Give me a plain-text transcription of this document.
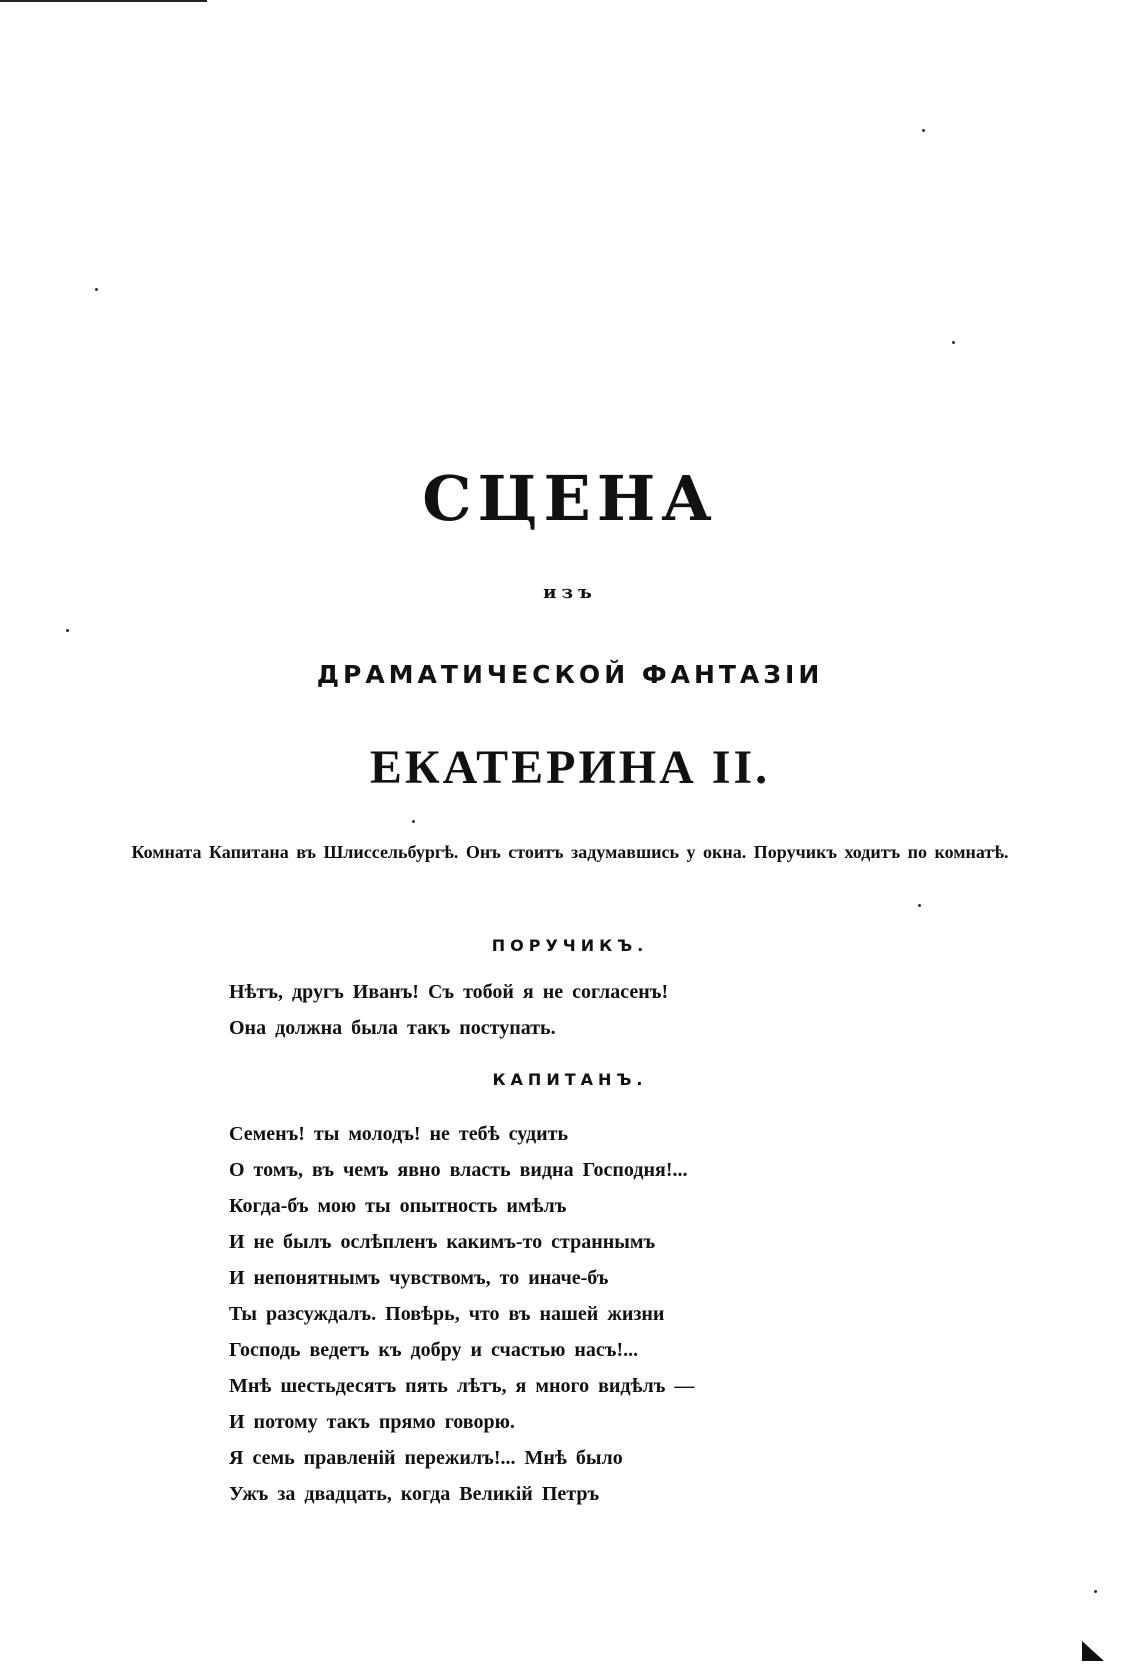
СЦЕНА
изъ
ДРАМАТИЧЕСКОЙ ФАНТАЗІИ
ЕКАТЕРИНА II.
Комната Капитана въ Шлиссельбургѣ. Онъ стоитъ задумавшись у окна. Поручикъ ходитъ по комнатѣ.
ПОРУЧИКЪ.
Нѣтъ, другъ Иванъ! Съ тобой я не согласенъ!
Она должна была такъ поступать.
КАПИТАНЪ.
Семенъ! ты молодъ! не тебѣ судить
О томъ, въ чемъ явно власть видна Господня!...
Когда-бъ мою ты опытность имѣлъ
И не былъ ослѣпленъ какимъ-то страннымъ
И непонятнымъ чувствомъ, то иначе-бъ
Ты разсуждалъ. Повѣрь, что въ нашей жизни
Господь ведетъ къ добру и счастью насъ!...
Мнѣ шестьдесятъ пять лѣтъ, я много видѣлъ —
И потому такъ прямо говорю.
Я семь правленій пережилъ!... Мнѣ было
Ужъ за двадцать, когда Великій Петръ
